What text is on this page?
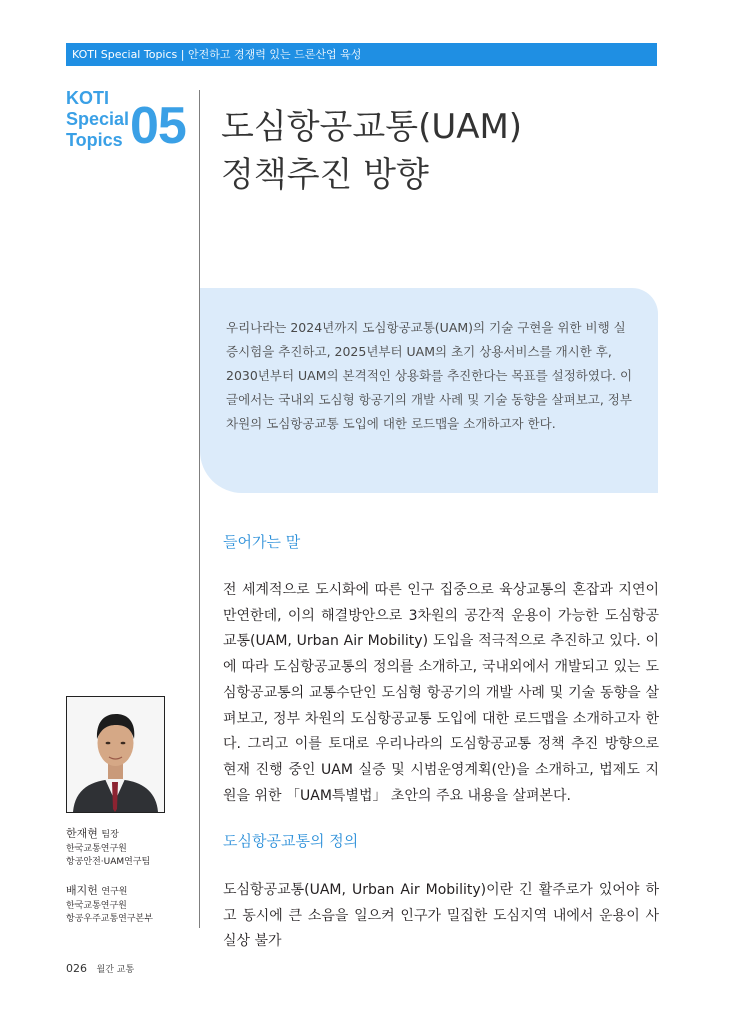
KOTI Special Topics | 안전하고 경쟁력 있는 드론산업 육성
KOTI
Special
Topics 05 도심항공교통(UAM)
정책추진 방향

우리나라는 2024년까지 도심항공교통(UAM)의 기술 구현을 위한 비행 실증시험을 추진하고, 2025년부터 UAM의 초기 상용서비스를 개시한 후, 2030년부터 UAM의 본격적인 상용화를 추진한다는 목표를 설정하였다. 이 글에서는 국내외 도심형 항공기의 개발 사례 및 기술 동향을 살펴보고, 정부 차원의 도심항공교통 도입에 대한 로드맵을 소개하고자 한다.

들어가는 말

전 세계적으로 도시화에 따른 인구 집중으로 육상교통의 혼잡과 지연이 만연한데, 이의 해결방안으로 3차원의 공간적 운용이 가능한 도심항공교통(UAM, Urban Air Mobility) 도입을 적극적으로 추진하고 있다. 이에 따라 도심항공교통의 정의를 소개하고, 국내외에서 개발되고 있는 도심항공교통의 교통수단인 도심형 항공기의 개발 사례 및 기술 동향을 살펴보고, 정부 차원의 도심항공교통 도입에 대한 로드맵을 소개하고자 한다. 그리고 이를 토대로 우리나라의 도심항공교통 정책 추진 방향으로 현재 진행 중인 UAM 실증 및 시범운영계획(안)을 소개하고, 법제도 지원을 위한 「UAM특별법」 초안의 주요 내용을 살펴본다.

도심항공교통의 정의

도심항공교통(UAM, Urban Air Mobility)이란 긴 활주로가 있어야 하고 동시에 큰 소음을 일으켜 인구가 밀집한 도심지역 내에서 운용이 사실상 불가

한재현 팀장
한국교통연구원
항공안전·UAM연구팀
배지헌 연구원
한국교통연구원
항공우주교통연구본부
026 월간 교통
